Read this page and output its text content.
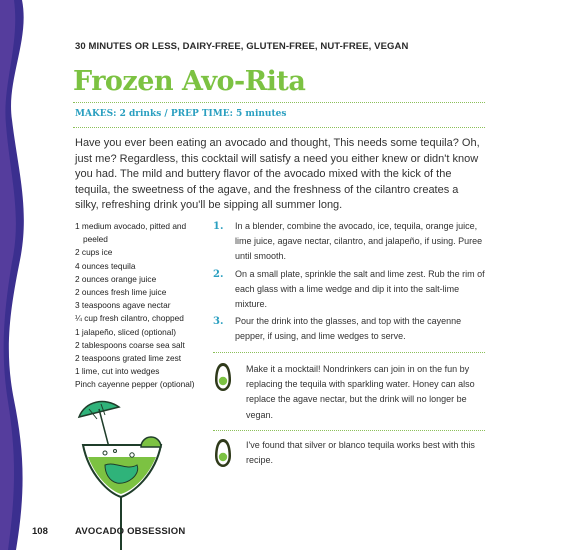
30 MINUTES OR LESS, DAIRY-FREE, GLUTEN-FREE, NUT-FREE, VEGAN
Frozen Avo-Rita
MAKES: 2 drinks / PREP TIME: 5 minutes
Have you ever been eating an avocado and thought, This needs some tequila? Oh, just me? Regardless, this cocktail will satisfy a need you either knew or didn't know you had. The mild and buttery flavor of the avocado mixed with the kick of the tequila, the sweetness of the agave, and the freshness of the cilantro creates a silky, refreshing drink you'll be sipping all summer long.
1 medium avocado, pitted and peeled
2 cups ice
4 ounces tequila
2 ounces orange juice
2 ounces fresh lime juice
3 teaspoons agave nectar
¼ cup fresh cilantro, chopped
1 jalapeño, sliced (optional)
2 tablespoons coarse sea salt
2 teaspoons grated lime zest
1 lime, cut into wedges
Pinch cayenne pepper (optional)
1. In a blender, combine the avocado, ice, tequila, orange juice, lime juice, agave nectar, cilantro, and jalapeño, if using. Puree until smooth.
2. On a small plate, sprinkle the salt and lime zest. Rub the rim of each glass with a lime wedge and dip it into the salt-lime mixture.
3. Pour the drink into the glasses, and top with the cayenne pepper, if using, and lime wedges to serve.

Make it a mocktail! Nondrinkers can join in on the fun by replacing the tequila with sparkling water. Honey can also replace the agave nectar, but the drink will no longer be vegan.

I've found that silver or blanco tequila works best with this recipe.

108	AVOCADO OBSESSION
